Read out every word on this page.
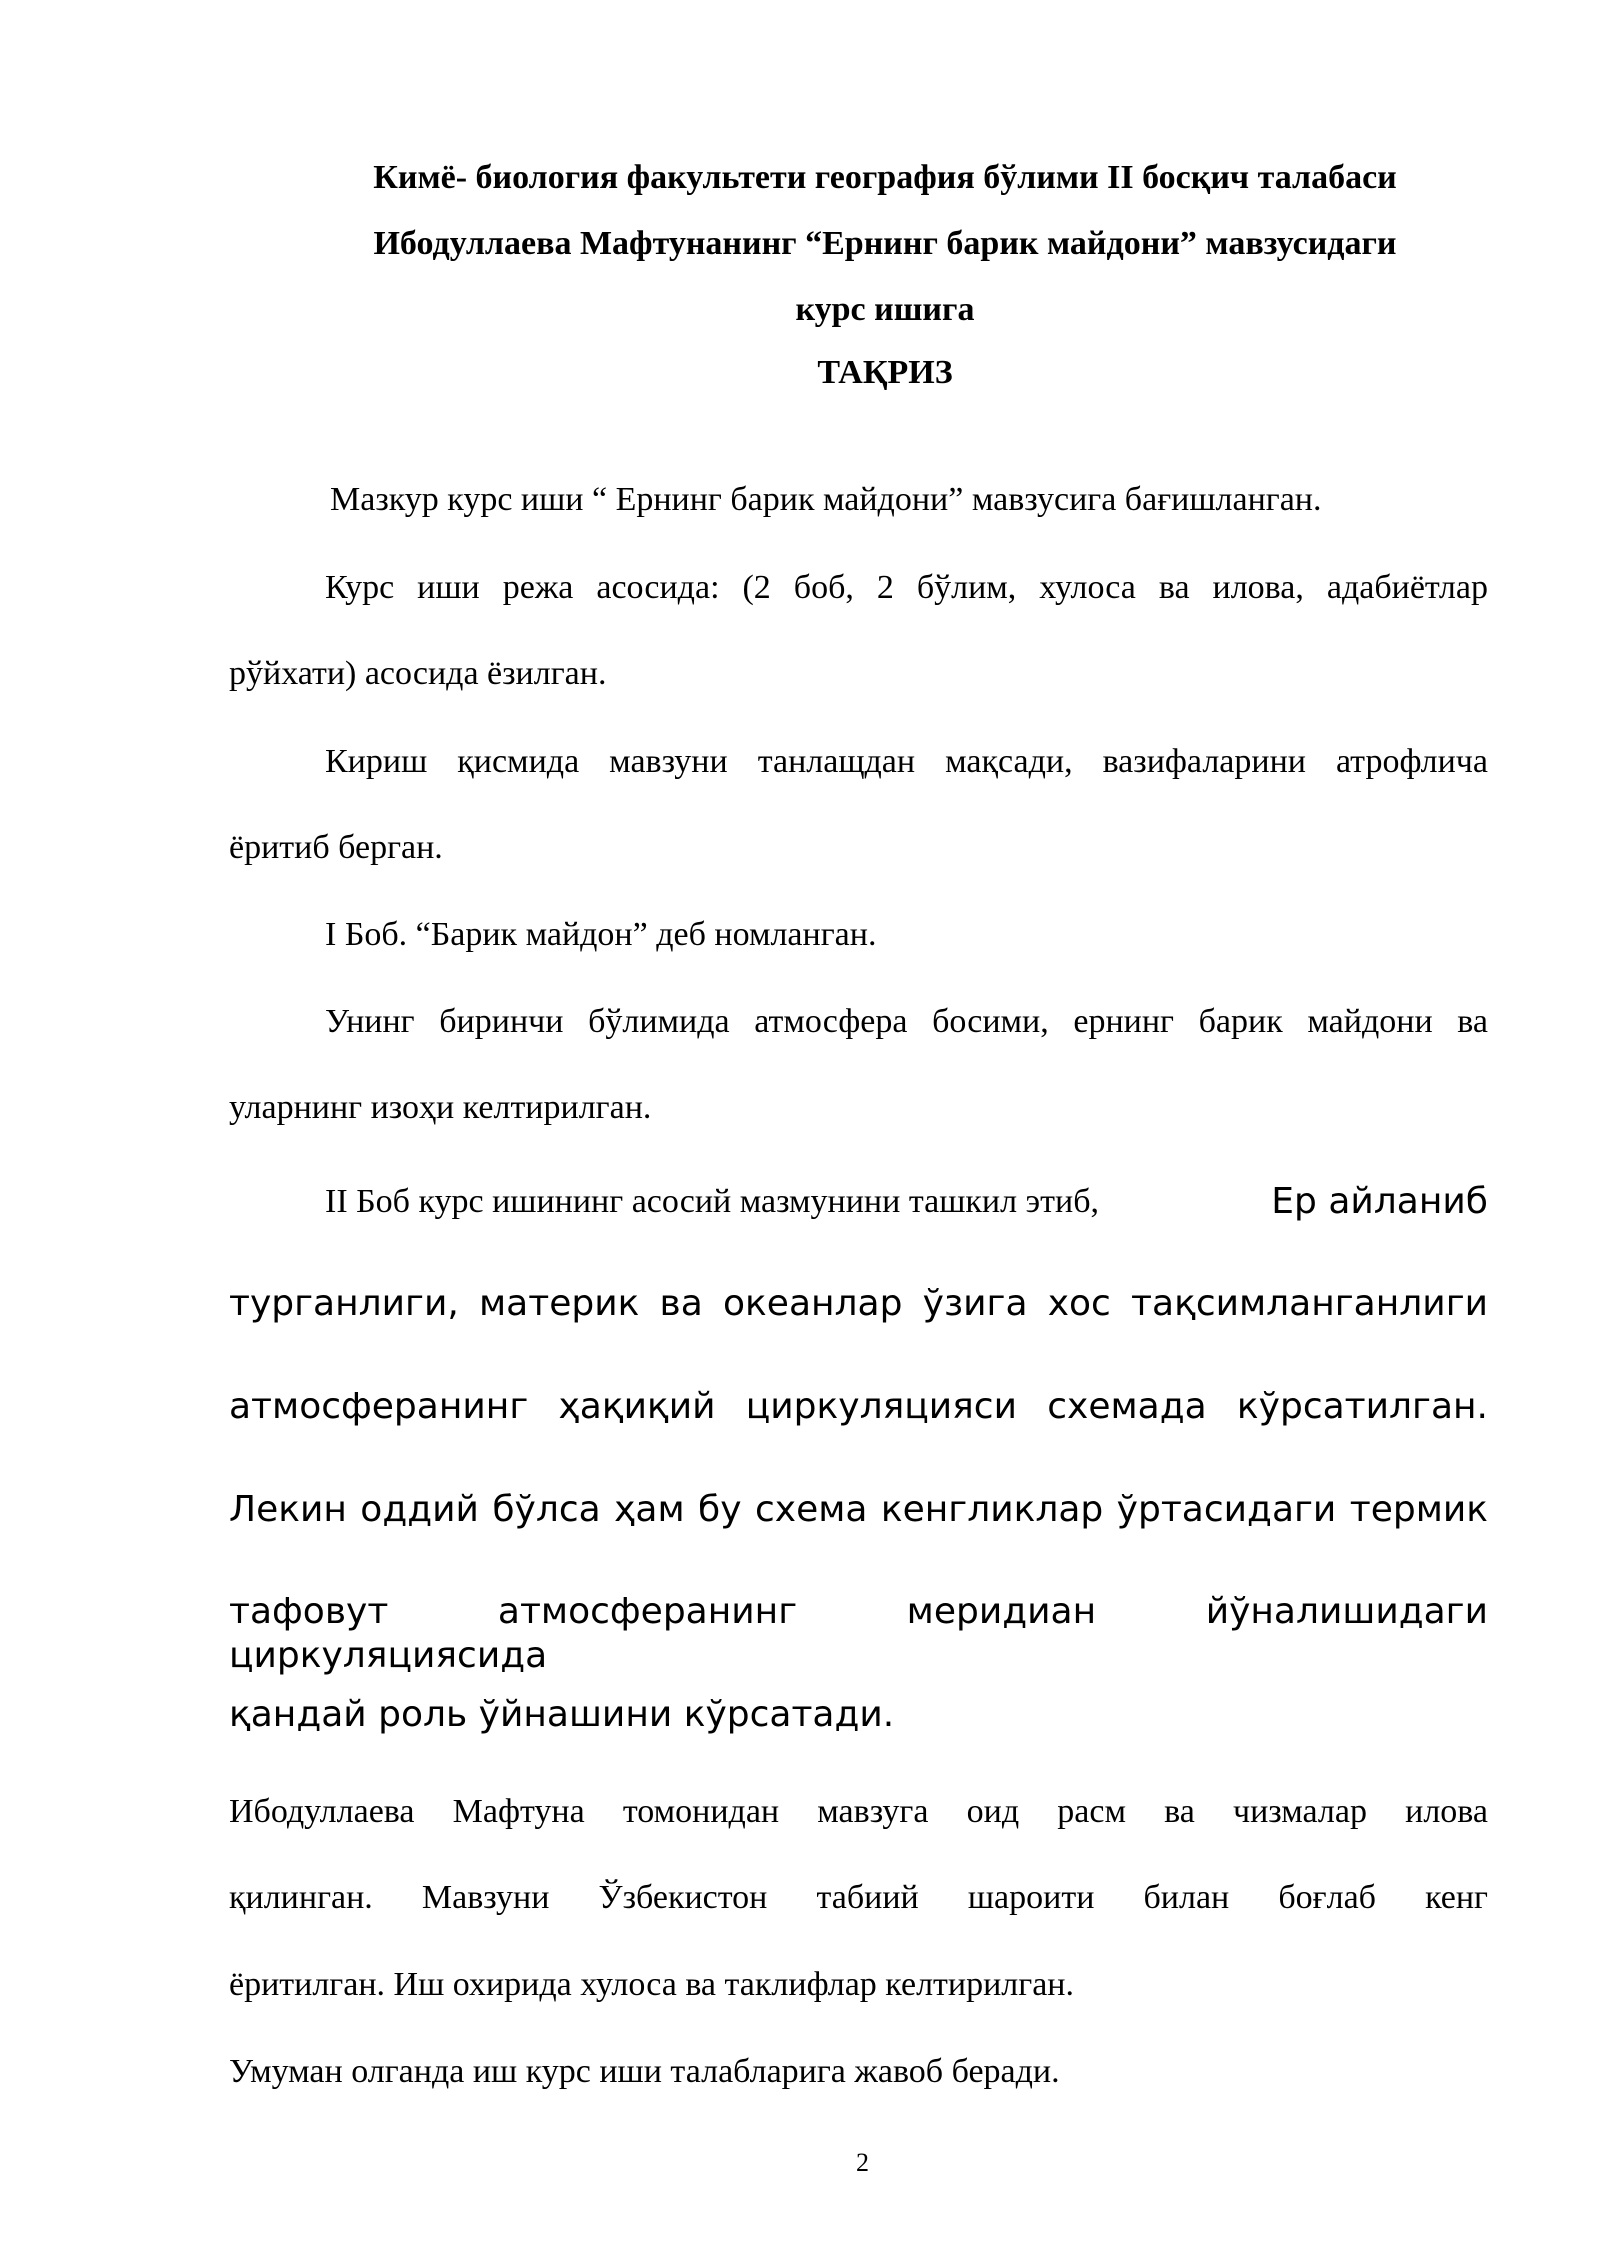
Кимё- биология факультети география бўлими II босқич талабаси
Ибодуллаева Мафтунанинг “Ернинг барик майдони” мавзусидаги
курс ишига
ТАҚРИЗ
Мазкур курс иши “ Ернинг барик майдони” мавзусига бағишланган.
Курс иши режа асосида: (2 боб, 2 бўлим, хулоса ва илова, адабиётлар
рўйхати) асосида ёзилган.
Кириш қисмида мавзуни танлащдан мақсади, вазифаларини атрофлича
ёритиб берган.
I Боб. “Барик майдон” деб номланган.
Унинг биринчи бўлимида атмосфера босими, ернинг барик майдони ва
уларнинг изоҳи келтирилган.
II Боб курс ишининг асосий мазмунини ташкил этиб,	Ер айланиб
турганлиги, материк ва океанлар ўзига хос тақсимланганлиги
атмосферанинг ҳақиқий циркуляцияси схемада кўрсатилган.
Лекин оддий бўлса ҳам бу схема кенгликлар ўртасидаги термик
тафовут атмосферанинг меридиан йўналишидаги циркуляциясида
қандай роль ўйнашини кўрсатади.
Ибодуллаева Мафтуна томонидан мавзуга оид расм ва чизмалар илова
қилинган. Мавзуни Ўзбекистон табиий шароити билан боғлаб кенг
ёритилган. Иш охирида хулоса ва таклифлар келтирилган.
Умуман олганда иш курс иши талабларига жавоб беради.
2
